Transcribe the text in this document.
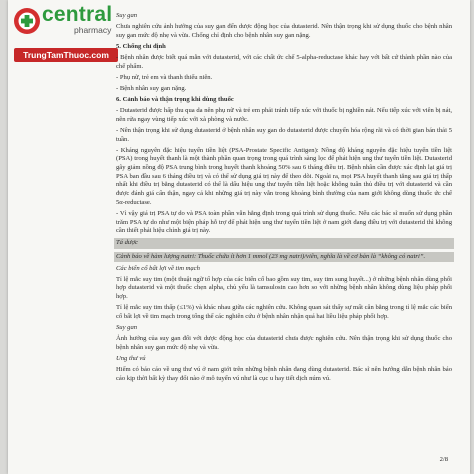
central
pharmacy
TrungTamThuoc.com

Suy gan

Chưa nghiên cứu ảnh hưởng của suy gan đến dược động học của dutasterid. Nên thận trọng khi sử dụng thuốc cho bệnh nhân suy gan mức độ nhẹ và vừa. Chống chỉ định cho bệnh nhân suy gan nặng.

5. Chống chỉ định

- Bệnh nhân được biết quá mẫn với dutasterid, với các chất ức chế 5-alpha-reductase khác hay với bất cứ thành phần nào của chế phẩm.

- Phụ nữ, trẻ em và thanh thiếu niên.

- Bệnh nhân suy gan nặng.

6. Cảnh báo và thận trọng khi dùng thuốc

- Dutasterid được hấp thu qua da nên phụ nữ và trẻ em phải tránh tiếp xúc với thuốc bị nghiền nát. Nếu tiếp xúc với viên bị nát, nên rửa ngay vùng tiếp xúc với xà phòng và nước.

- Nên thận trọng khi sử dụng dutasterid ở bệnh nhân suy gan do dutasterid được chuyển hóa rộng rãi và có thời gian bán thải 5 tuần.

- Kháng nguyên đặc hiệu tuyến tiền liệt (PSA-Prostate Specific Antigen): Nồng độ kháng nguyên đặc hiệu tuyến tiền liệt (PSA) trong huyết thanh là một thành phần quan trọng trong quá trình sàng lọc để phát hiện ung thư tuyến tiền liệt. Dutasterid gây giảm nồng độ PSA trung bình trong huyết thanh khoảng 50% sau 6 tháng điều trị. Bệnh nhân cần được xác định lại giá trị PSA ban đầu sau 6 tháng điều trị và có thể sử dụng giá trị này để theo dõi. Ngoài ra, mọi PSA huyết thanh tăng sau giá trị thấp nhất khi điều trị bằng dutasterid có thể là dấu hiệu ung thư tuyến tiền liệt hoặc không tuân thủ điều trị với dutasterid và cần được đánh giá cẩn thận, ngay cả khi những giá trị này vẫn trong khoảng bình thường của nam giới không dùng thuốc ức chế 5α-reductase.

- Vì vậy giá trị PSA tự do và PSA toàn phần vẫn hằng định trong quá trình sử dụng thuốc. Nếu các bác sĩ muốn sử dụng phần trăm PSA tự do như một biện pháp hỗ trợ để phát hiện ung thư tuyến tiền liệt ở nam giới đang điều trị với dutasterid thì không cần thiết phải hiệu chỉnh giá trị này.

Tá dược

Cảnh báo về hàm lượng natri: Thuốc chứa ít hơn 1 mmol (23 mg natri)/viên, nghĩa là về cơ bản là “không có natri”.

Các biến cố bất lợi về tim mạch

Tỉ lệ mắc suy tim (một thuật ngữ tổ hợp của các biến cố bao gồm suy tim, suy tim sung huyết...) ở những bệnh nhân dùng phối hợp dutasterid và một thuốc chẹn alpha, chủ yếu là tamsulosin cao hơn so với những bệnh nhân không dùng liệu pháp phối hợp.

Tỉ lệ mắc suy tim thấp (≤1%) và khác nhau giữa các nghiên cứu. Không quan sát thấy sự mất cân bằng trong tỉ lệ mắc các biến cố bất lợi về tim mạch trong tổng thể các nghiên cứu ở bệnh nhân nhận quá hai liều liệu pháp phối hợp.

Suy gan

Ảnh hưởng của suy gan đối với dược động học của dutasterid chưa được nghiên cứu. Nên thận trọng khi sử dụng thuốc cho bệnh nhân suy gan mức độ nhẹ và vừa.

Ung thư vú

Hiếm có báo cáo về ung thư vú ở nam giới trên những bệnh nhân đang dùng dutasterid. Bác sĩ nên hướng dẫn bệnh nhân báo cáo kịp thời bất kỳ thay đổi nào ở mô tuyến vú như là cục u hay tiết dịch núm vú.

2/8
